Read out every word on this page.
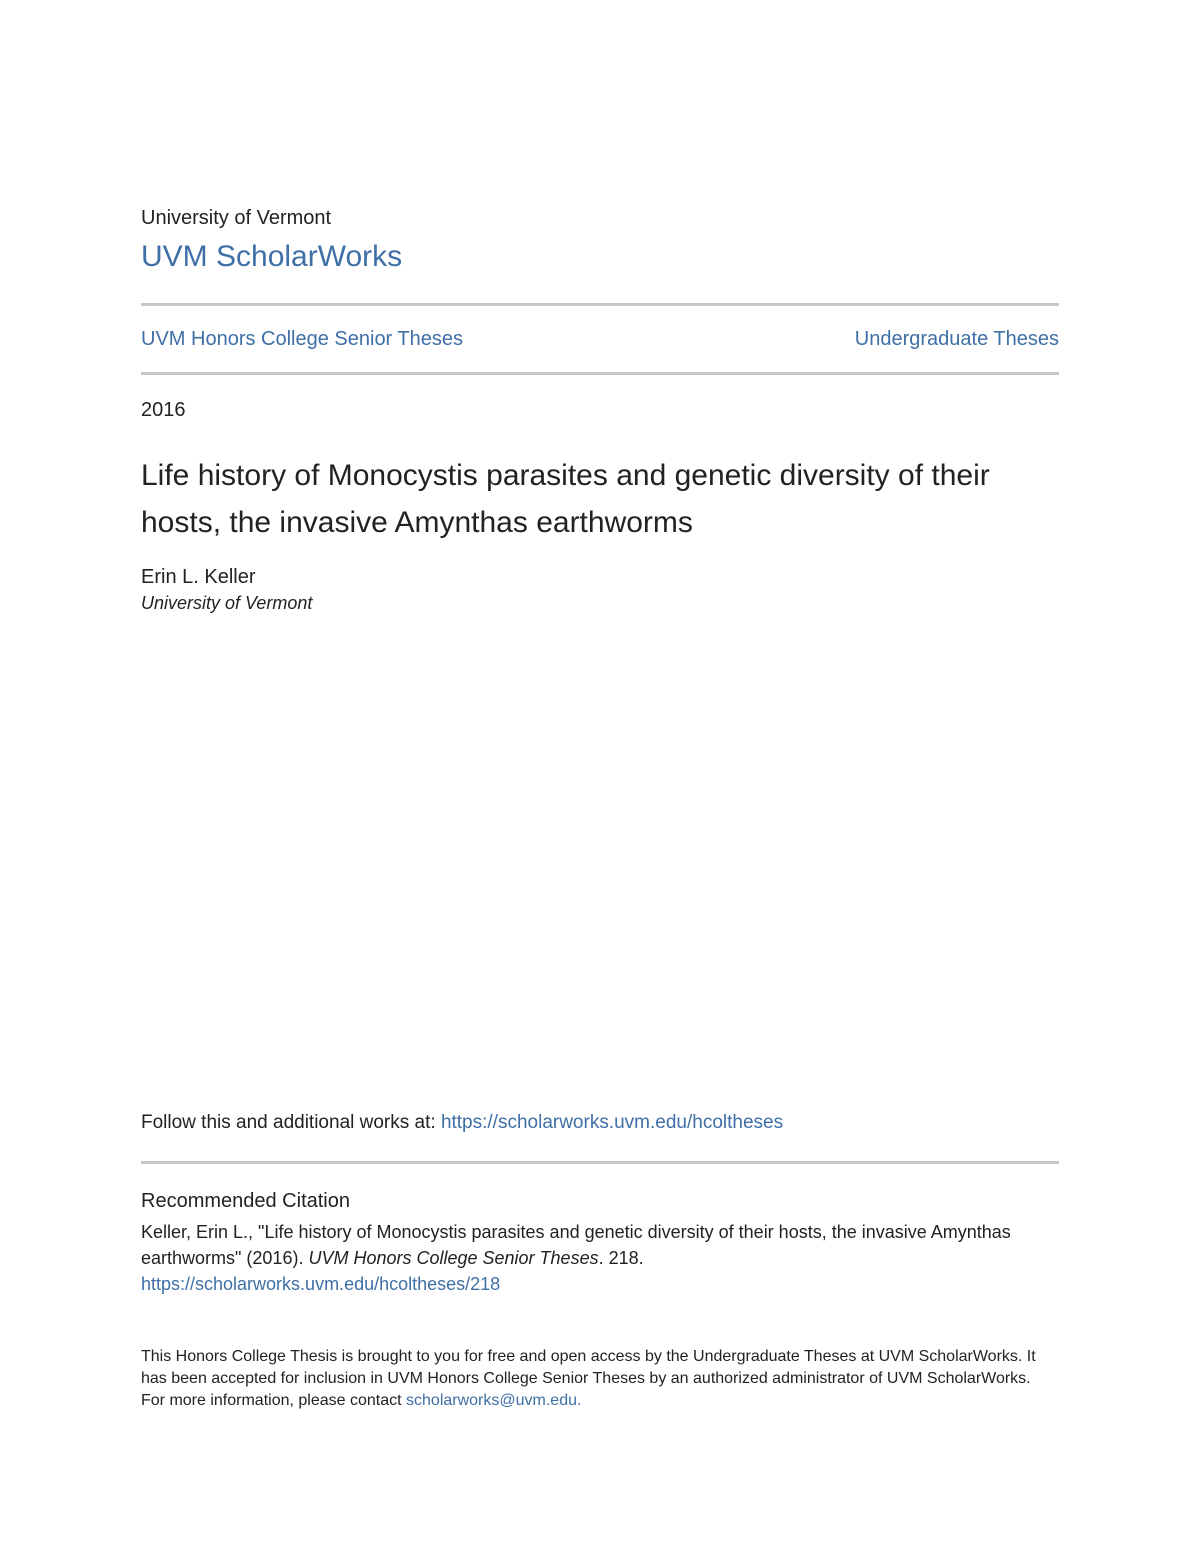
University of Vermont
UVM ScholarWorks
UVM Honors College Senior Theses	Undergraduate Theses
2016
Life history of Monocystis parasites and genetic diversity of their hosts, the invasive Amynthas earthworms
Erin L. Keller
University of Vermont
Follow this and additional works at: https://scholarworks.uvm.edu/hcoltheses
Recommended Citation
Keller, Erin L., "Life history of Monocystis parasites and genetic diversity of their hosts, the invasive Amynthas earthworms" (2016). UVM Honors College Senior Theses. 218.
https://scholarworks.uvm.edu/hcoltheses/218
This Honors College Thesis is brought to you for free and open access by the Undergraduate Theses at UVM ScholarWorks. It has been accepted for inclusion in UVM Honors College Senior Theses by an authorized administrator of UVM ScholarWorks. For more information, please contact scholarworks@uvm.edu.
